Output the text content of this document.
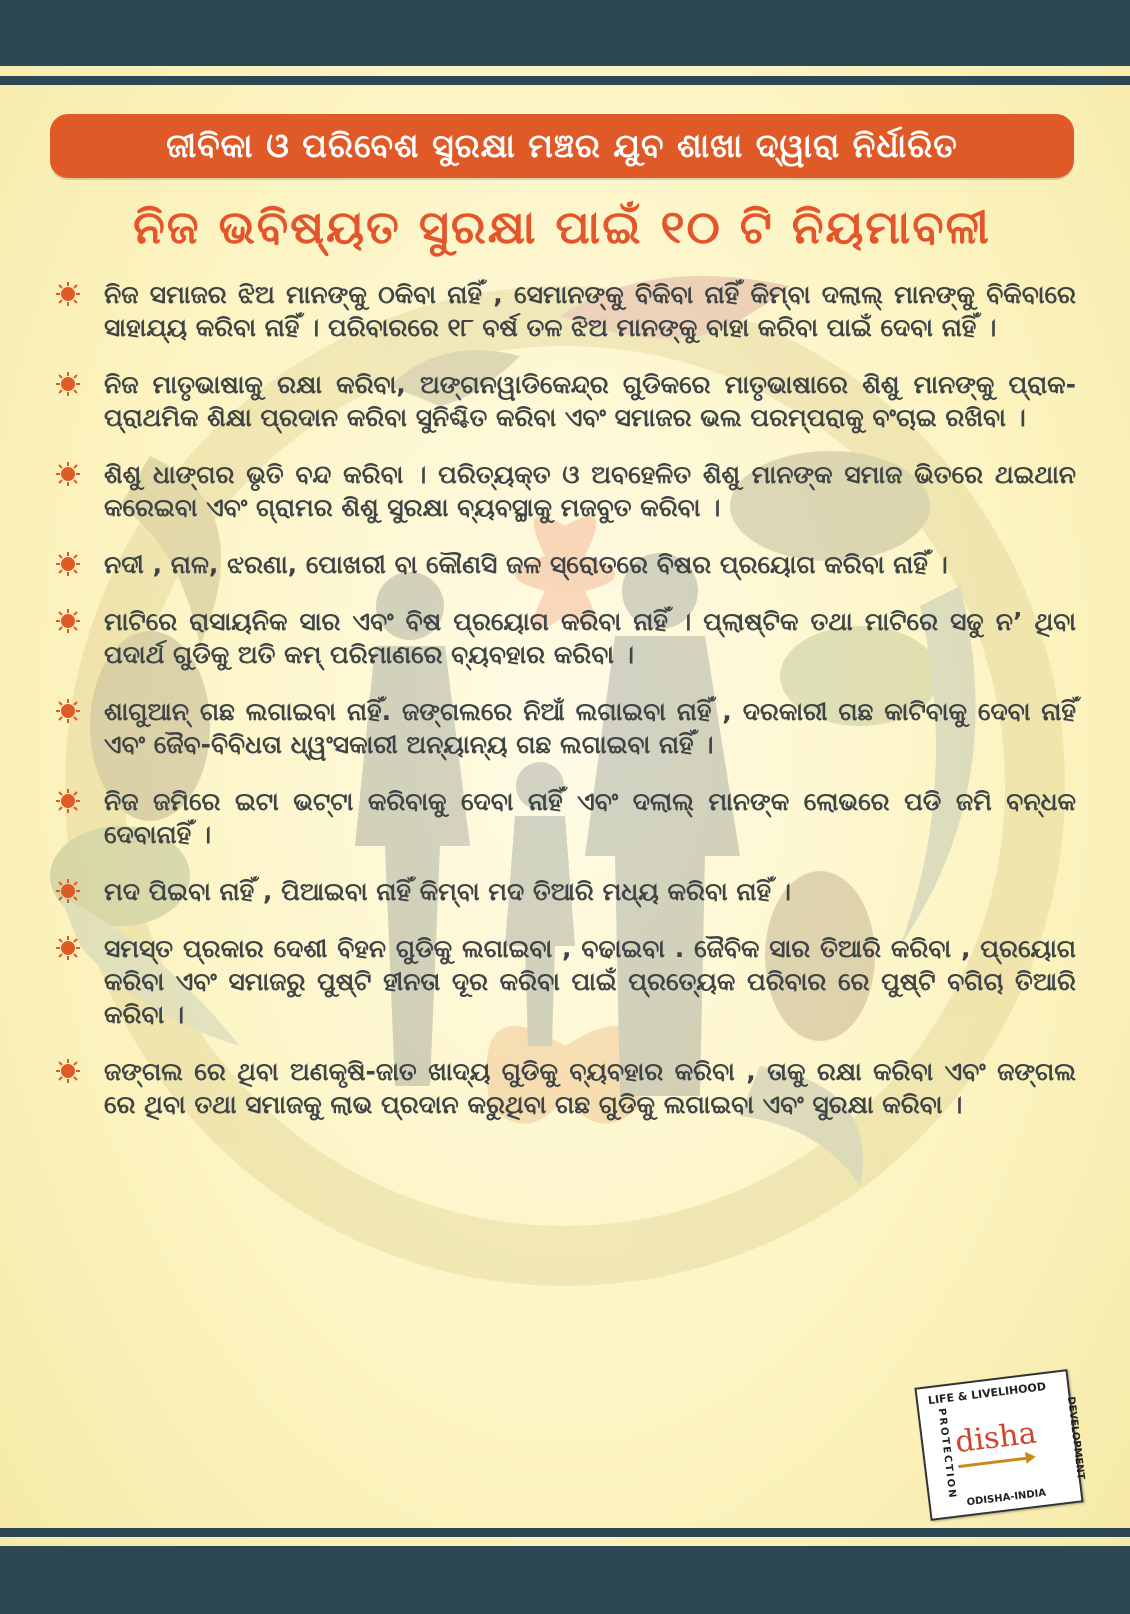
ଜୀବିକା ଓ ପରିବେଶ ସୁରକ୍ଷା ମଞ୍ଚର ଯୁବ ଶାଖା ଦ୍ୱାରା ନିର୍ଧାରିତ
ନିଜ ଭବିଷ୍ୟତ ସୁରକ୍ଷା ପାଇଁ ୧୦ ଟି ନିୟମାବଳୀ
ନିଜ ସମାଜର ଝିଅ ମାନଙ୍କୁ ଠକିବା ନାହିଁ , ସେମାନଙ୍କୁ ବିକିବା ନାହିଁ କିମ୍ବା ଦଲାଲ୍ ମାନଙ୍କୁ ବିକିବାରେ ସାହାଯ୍ୟ କରିବା ନାହିଁ । ପରିବାରରେ ୧୮ ବର୍ଷ ତଳ ଝିଅ ମାନଙ୍କୁ ବାହା କରିବା ପାଇଁ ଦେବା ନାହିଁ ।
ନିଜ ମାତୃଭାଷାକୁ ରକ୍ଷା କରିବା, ଅଙ୍ଗନୱାଡିକେନ୍ଦ୍ର ଗୁଡିକରେ ମାତୃଭାଷାରେ ଶିଶୁ ମାନଙ୍କୁ ପ୍ରାକ-ପ୍ରାଥମିକ ଶିକ୍ଷା ପ୍ରଦାନ କରିବା ସୁନିଶ୍ଚିତ କରିବା ଏବଂ ସମାଜର ଭଲ ପରମ୍ପରାକୁ ବଂଚାଇ ରଖିବା ।
ଶିଶୁ ଧାଙ୍ଗର ଭୃତି ବନ୍ଦ କରିବା । ପରିତ୍ୟକ୍ତ ଓ ଅବହେଳିତ ଶିଶୁ ମାନଙ୍କ ସମାଜ ଭିତରେ ଥଇଥାନ କରେଇବା ଏବଂ ଗ୍ରାମର ଶିଶୁ ସୁରକ୍ଷା ବ୍ୟବସ୍ଥାକୁ ମଜବୁତ କରିବା ।
ନଦୀ , ନାଳ, ଝରଣା, ପୋଖରୀ ବା କୌଣସି ଜଳ ସ୍ରୋତରେ ବିଷର ପ୍ରୟୋଗ କରିବା ନାହିଁ ।
ମାଟିରେ ରାସାୟନିକ ସାର ଏବଂ ବିଷ ପ୍ରୟୋଗ କରିବା ନାହିଁ । ପ୍ଲାଷ୍ଟିକ ତଥା ମାଟିରେ ସଢୁ ନ’ ଥିବା ପଦାର୍ଥ ଗୁଡିକୁ ଅତି କମ୍ ପରିମାଣରେ ବ୍ୟବହାର କରିବା ।
ଶାଗୁଆନ୍ ଗଛ ଲଗାଇବା ନାହିଁ. ଜଙ୍ଗଲରେ ନିଆଁ ଲଗାଇବା ନାହିଁ , ଦରକାରୀ ଗଛ କାଟିବାକୁ ଦେବା ନାହିଁ ଏବଂ ଜୈବ-ବିବିଧତା ଧ୍ୱଂସକାରୀ ଅନ୍ୟାନ୍ୟ ଗଛ ଲଗାଇବା ନାହିଁ ।
ନିଜ ଜମିରେ ଇଟା ଭଟ୍ଟା କରିବାକୁ ଦେବା ନାହିଁ ଏବଂ ଦଲାଲ୍ ମାନଙ୍କ ଲୋଭରେ ପଡି ଜମି ବନ୍ଧକ ଦେବାନାହିଁ ।
ମଦ ପିଇବା ନାହିଁ , ପିଆଇବା ନାହିଁ କିମ୍ବା ମଦ ତିଆରି ମଧ୍ୟ କରିବା ନାହିଁ ।
ସମସ୍ତ ପ୍ରକାର ଦେଶୀ ବିହନ ଗୁଡିକୁ ଲଗାଇବା , ବଢାଇବା . ଜୈବିକ ସାର ତିଆରି କରିବା , ପ୍ରୟୋଗ କରିବା ଏବଂ ସମାଜରୁ ପୁଷ୍ଟି ହୀନତା ଦୂର କରିବା ପାଇଁ ପ୍ରତ୍ୟେକ ପରିବାର ରେ ପୁଷ୍ଟି ବଗିଚା ତିଆରି କରିବା ।
ଜଙ୍ଗଲ ରେ ଥିବା ଅଣକୃଷି-ଜାତ ଖାଦ୍ୟ ଗୁଡିକୁ ବ୍ୟବହାର କରିବା , ତାକୁ ରକ୍ଷା କରିବା ଏବଂ ଜଙ୍ଗଲ ରେ ଥିବା ତଥା ସମାଜକୁ ଲାଭ ପ୍ରଦାନ କରୁଥିବା ଗଛ ଗୁଡିକୁ ଲଗାଇବା ଏବଂ ସୁରକ୍ଷା କରିବା ।
LIFE & LIVELIHOOD
DEVELOPMENT
PROTECTION
disha
ODISHA-INDIA
